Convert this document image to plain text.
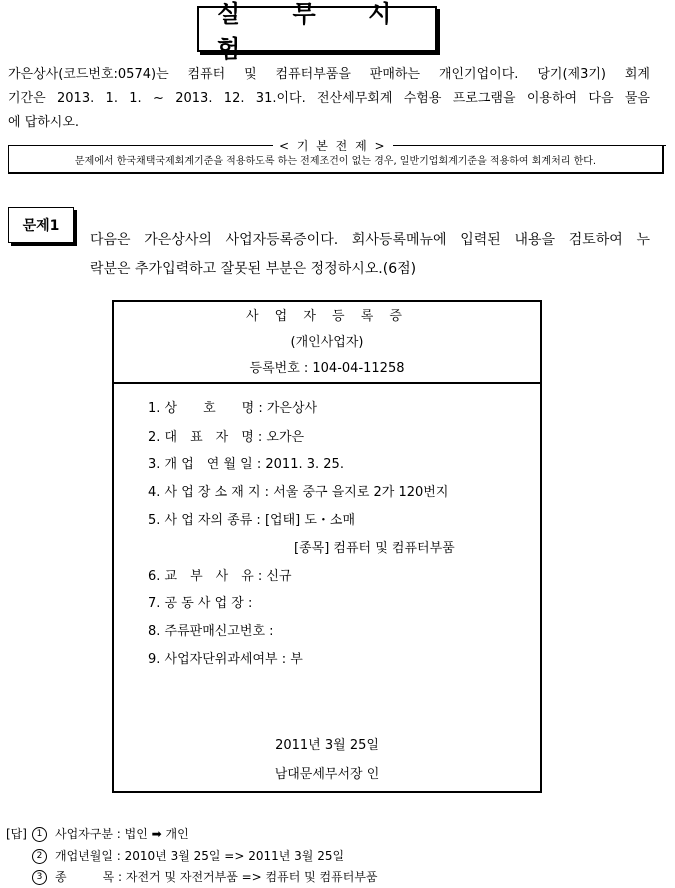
실 무 시 험
가은상사(코드번호:0574)는 컴퓨터 및 컴퓨터부품을 판매하는 개인기업이다. 당기(제3기) 회계
기간은 2013. 1. 1. ~ 2013. 12. 31.이다. 전산세무회계 수험용 프로그램을 이용하여 다음 물음
에 답하시오.
< 기 본 전 제 >
문제에서 한국채택국제회계기준을 적용하도록 하는 전제조건이 없는 경우, 일반기업회계기준을 적용하여 회계처리 한다.
문제1
다음은 가은상사의 사업자등록증이다. 회사등록메뉴에 입력된 내용을 검토하여 누
락분은 추가입력하고 잘못된 부분은 정정하시오.(6점)
사 업 자 등 록 증
(개인사업자)
등록번호 : 104-04-11258
1. 상　　호　　명 : 가은상사
2. 대　표　자　명 : 오가은
3. 개 업　연 월 일 : 2011. 3. 25.
4. 사 업 장 소 재 지 : 서울 중구 을지로 2가 120번지
5. 사 업 자의 종류 : [업태] 도・소매
[종목] 컴퓨터 및 컴퓨터부품
6. 교　부　사　유 : 신규
7. 공 동 사 업 장 :
8. 주류판매신고번호 :
9. 사업자단위과세여부 : 부
2011년 3월 25일
남대문세무서장 인
[답] 1 사업자구분 : 법인 ➡ 개인
2 개업년월일 : 2010년 3월 25일 => 2011년 3월 25일
3 종　　　목 : 자전거 및 자전거부품 => 컴퓨터 및 컴퓨터부품
